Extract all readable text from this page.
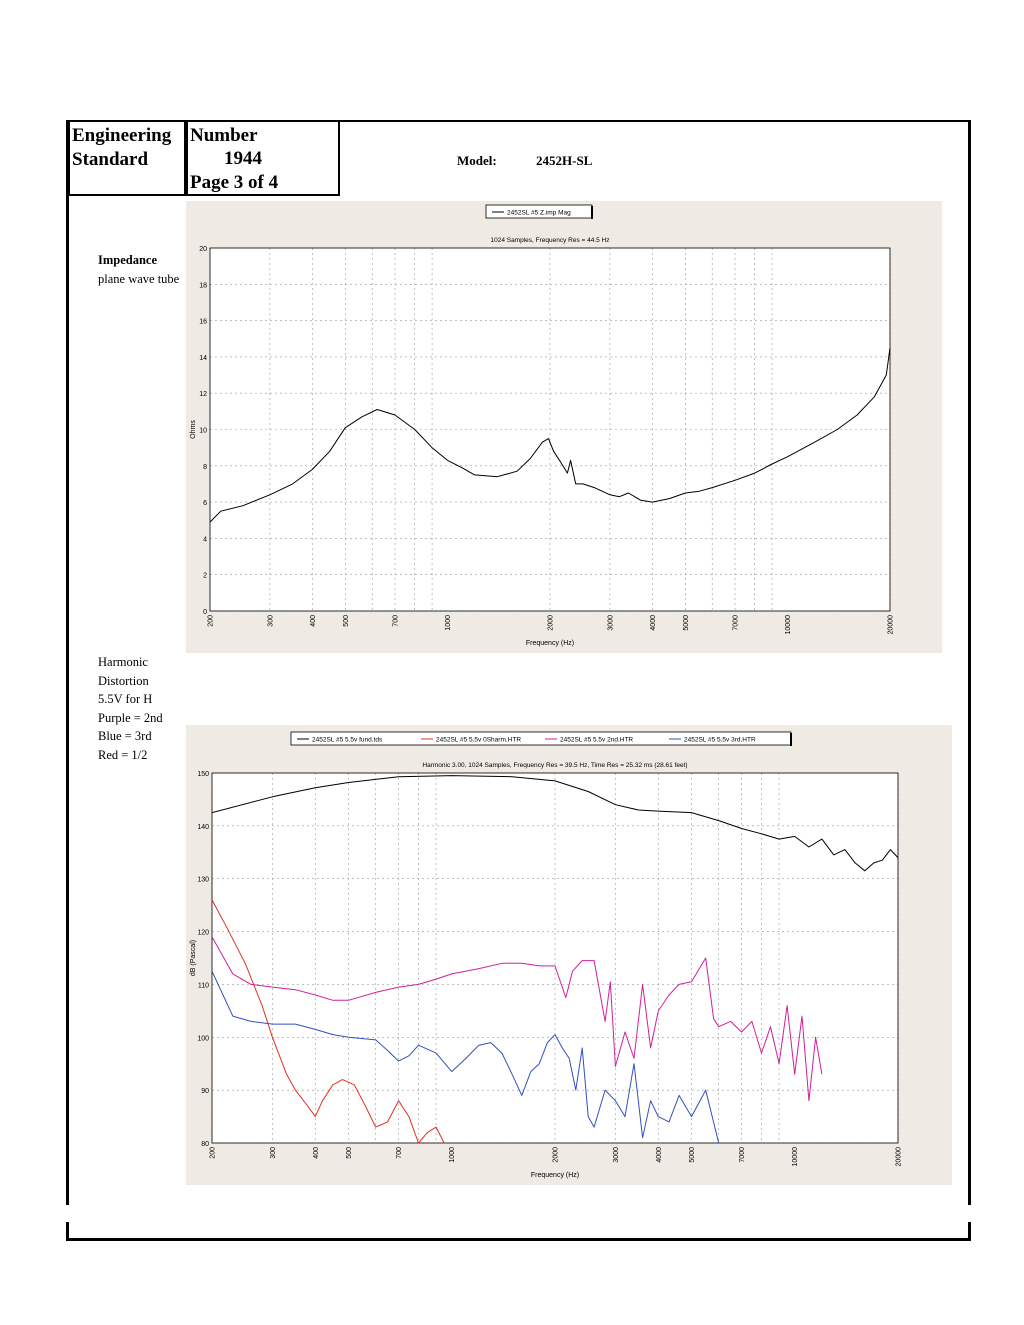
Engineering
Standard
Number
1944
Page 3 of 4
Model:	2452H-SL
Impedance
plane wave tube
Harmonic
Distortion
5.5V for H
Purple = 2nd
Blue = 3rd
Red = 1/2
0
2
4
6
8
10
12
14
16
18
20
200	300	400	500	700	1000	2000	3000	4000	5000	7000	10000	20000
Frequency (Hz)
Ohms
1024 Samples, Frequency Res = 44.5 Hz
2452SL #5 Z.imp Mag
80
90
100
110
120
130
140
150
200	300	400	500	700	1000	2000	3000	4000	5000	7000	10000	20000
Frequency (Hz)
dB (Pascal)
Harmonic 3.00, 1024 Samples, Frequency Res = 39.5 Hz, Time Res = 25.32 ms (28.61 feet)
2452SL #5 5.5v fund.tds	2452SL #5 5.5v 0Sharm.HTR	2452SL #5 5.5v 2nd.HTR	2452SL #5 5.5v 3rd.HTR
